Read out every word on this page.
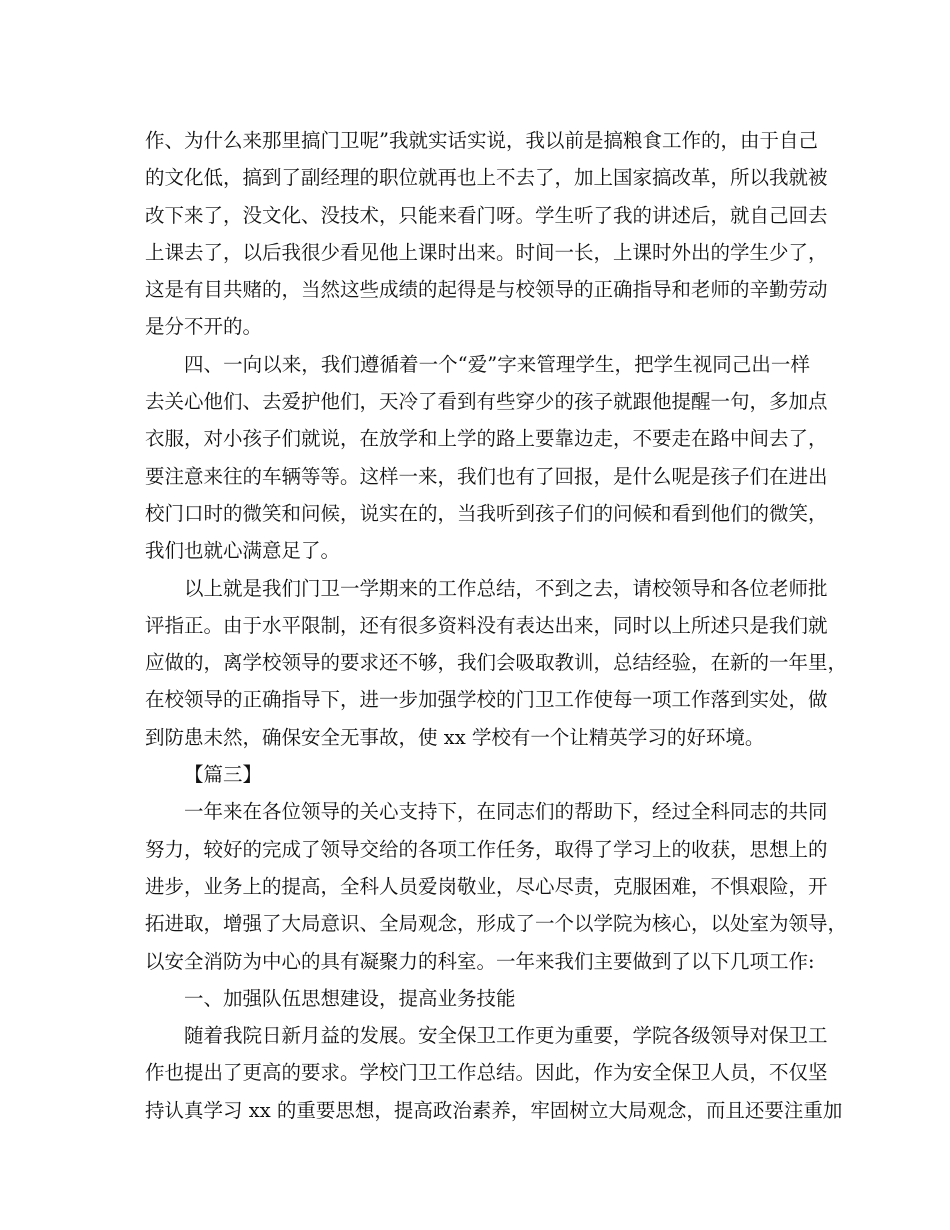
作、为什么来那里搞门卫呢”我就实话实说，我以前是搞粮食工作的，由于自己
的文化低，搞到了副经理的职位就再也上不去了，加上国家搞改革，所以我就被
改下来了，没文化、没技术，只能来看门呀。学生听了我的讲述后，就自己回去
上课去了，以后我很少看见他上课时出来。时间一长，上课时外出的学生少了，
这是有目共赌的，当然这些成绩的起得是与校领导的正确指导和老师的辛勤劳动
是分不开的。
四、一向以来，我们遵循着一个“爱”字来管理学生，把学生视同己出一样
去关心他们、去爱护他们，天冷了看到有些穿少的孩子就跟他提醒一句，多加点
衣服，对小孩子们就说，在放学和上学的路上要靠边走，不要走在路中间去了，
要注意来往的车辆等等。这样一来，我们也有了回报，是什么呢是孩子们在进出
校门口时的微笑和问候，说实在的，当我听到孩子们的问候和看到他们的微笑，
我们也就心满意足了。
以上就是我们门卫一学期来的工作总结，不到之去，请校领导和各位老师批
评指正。由于水平限制，还有很多资料没有表达出来，同时以上所述只是我们就
应做的，离学校领导的要求还不够，我们会吸取教训，总结经验，在新的一年里，
在校领导的正确指导下，进一步加强学校的门卫工作使每一项工作落到实处，做
到防患未然，确保安全无事故，使 xx 学校有一个让精英学习的好环境。
【篇三】
一年来在各位领导的关心支持下，在同志们的帮助下，经过全科同志的共同
努力，较好的完成了领导交给的各项工作任务，取得了学习上的收获，思想上的
进步，业务上的提高，全科人员爱岗敬业，尽心尽责，克服困难，不惧艰险，开
拓进取，增强了大局意识、全局观念，形成了一个以学院为核心，以处室为领导，
以安全消防为中心的具有凝聚力的科室。一年来我们主要做到了以下几项工作:
一、加强队伍思想建设，提高业务技能
随着我院日新月益的发展。安全保卫工作更为重要，学院各级领导对保卫工
作也提出了更高的要求。学校门卫工作总结。因此，作为安全保卫人员，不仅坚
持认真学习 xx 的重要思想，提高政治素养，牢固树立大局观念，而且还要注重加
